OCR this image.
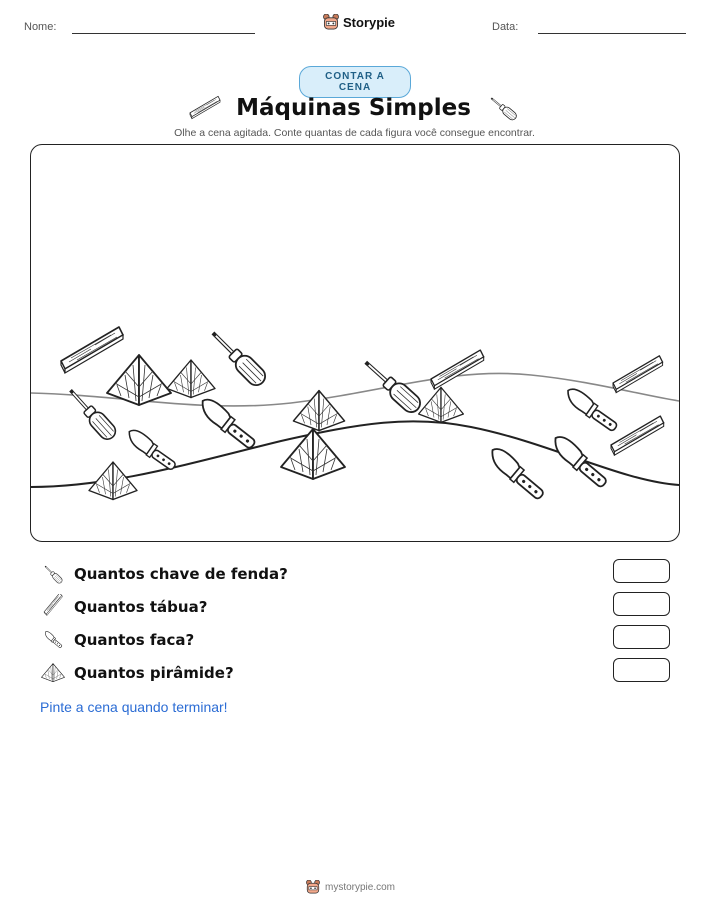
Nome:	Storypie	Data:
CONTAR A CENA
Máquinas Simples
Olhe a cena agitada. Conte quantas de cada figura você consegue encontrar.
Quantos chave de fenda?
Quantos tábua?
Quantos faca?
Quantos pirâmide?
Pinte a cena quando terminar!
mystorypie.com
